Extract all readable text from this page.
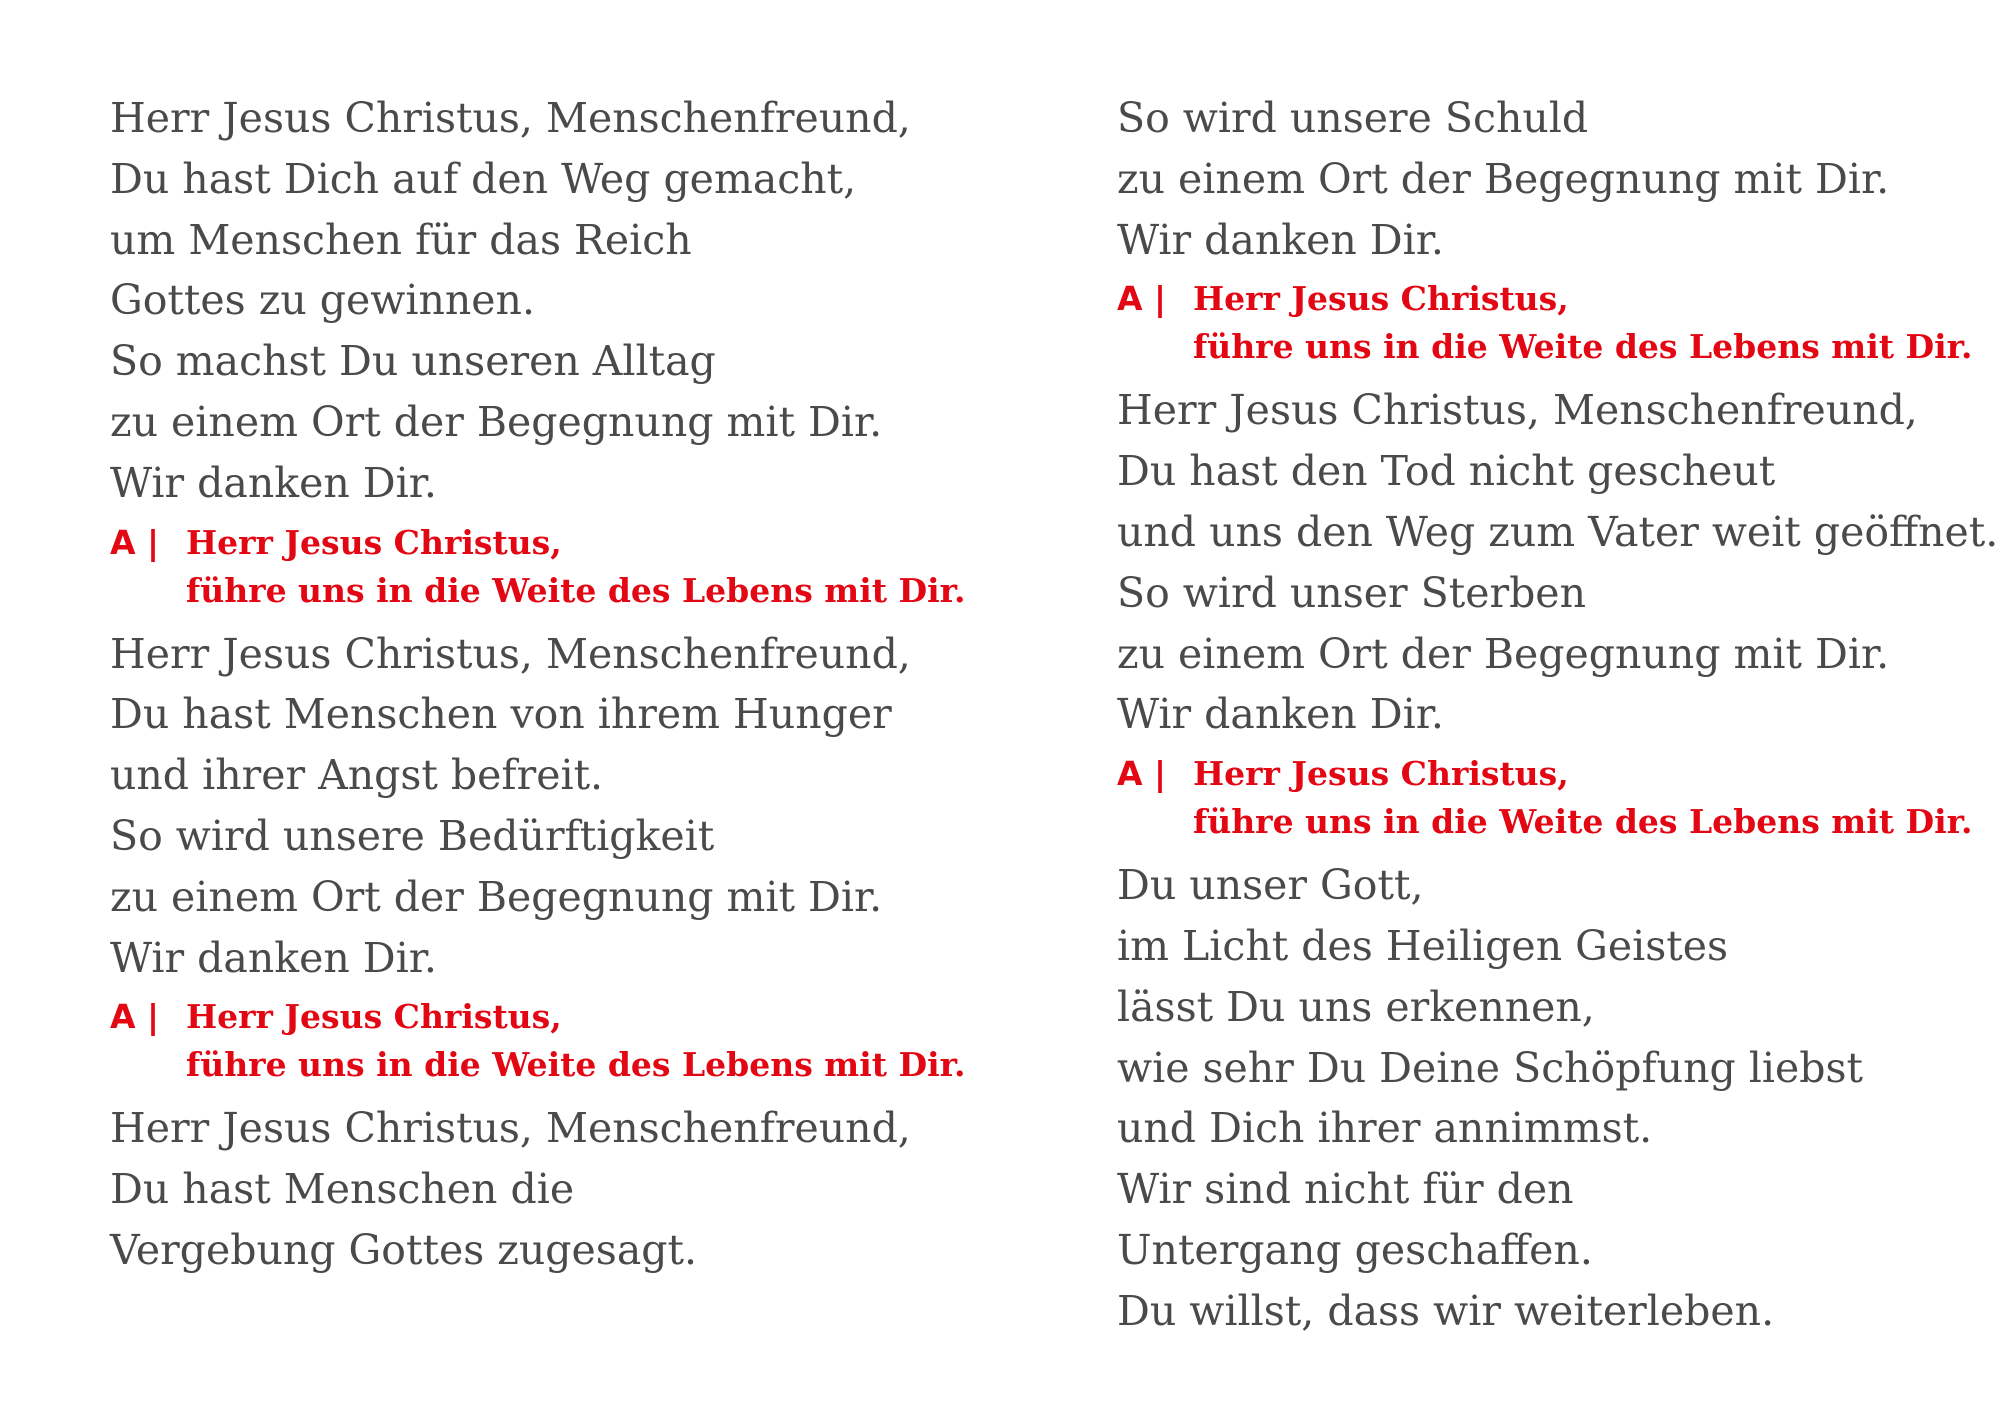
Herr Jesus Christus, Menschenfreund,
Du hast Dich auf den Weg gemacht,
um Menschen für das Reich
Gottes zu gewinnen.
So machst Du unseren Alltag
zu einem Ort der Begegnung mit Dir.
Wir danken Dir.
A | Herr Jesus Christus,
führe uns in die Weite des Lebens mit Dir.
Herr Jesus Christus, Menschenfreund,
Du hast Menschen von ihrem Hunger
und ihrer Angst befreit.
So wird unsere Bedürftigkeit
zu einem Ort der Begegnung mit Dir.
Wir danken Dir.
A | Herr Jesus Christus,
führe uns in die Weite des Lebens mit Dir.
Herr Jesus Christus, Menschenfreund,
Du hast Menschen die
Vergebung Gottes zugesagt.
So wird unsere Schuld
zu einem Ort der Begegnung mit Dir.
Wir danken Dir.
A | Herr Jesus Christus,
führe uns in die Weite des Lebens mit Dir.
Herr Jesus Christus, Menschenfreund,
Du hast den Tod nicht gescheut
und uns den Weg zum Vater weit geöffnet.
So wird unser Sterben
zu einem Ort der Begegnung mit Dir.
Wir danken Dir.
A | Herr Jesus Christus,
führe uns in die Weite des Lebens mit Dir.
Du unser Gott,
im Licht des Heiligen Geistes
lässt Du uns erkennen,
wie sehr Du Deine Schöpfung liebst
und Dich ihrer annimmst.
Wir sind nicht für den
Untergang geschaffen.
Du willst, dass wir weiterleben.
